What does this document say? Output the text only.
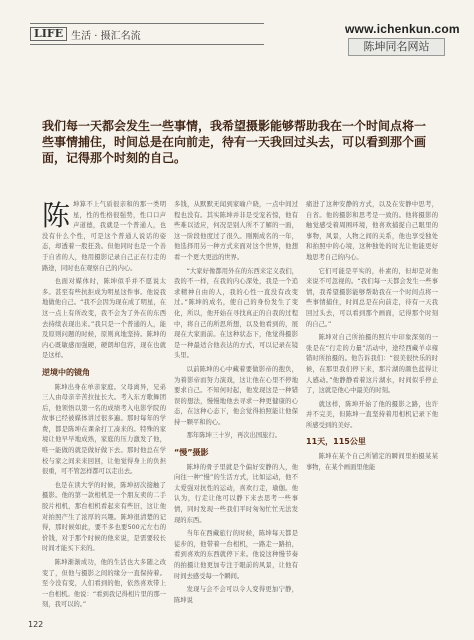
LIFE 生活 · 摄汇名流	www.ichenkun.com
陈坤同名网站
我们每一天都会发生一些事情，我希望摄影能够帮助我在一个时间点将一些事情捕住，时间总是在向前走，待有一天我回过头去，可以看到那个画面，记得那个时刻的自己。

陈坤算不上气质很亲和的那一类明星，性的性格很强势，性口口声声道德，我就是一个普通人，也没有什么个性，可是这个普通人说话的姿态，却透着一股狂劲。但他同时也是一个善于自省的人，他用摄影记录自己正在行走的路途，同时也在观察自己的内心。

也面对媒体时，陈坤似乎并不愿说太多。甚至有些抗拒成为明星这件事。他说我地做他自己。“我不会因为现在成了明星，在这一点上有所改变，我不会为了外在的东西去持续表现出来。”我只是一个普通的人，能及原则问题的时候，原则真地坚持。陈坤的内心既敏感而强硬，硬朗却包容，现在也就是这样。

逆境中的镜角

陈坤出身在单亲家庭。父母离异，兄弟三人由母亲辛苦拉扯长大。考入东方歌舞团后，他领悟以第一名的成绩考入电影学院的故事已经被媒体讲过很多遍。那时每年的学费，都是陈坤在课余打工凑来的。特殊的家境让他早早地成熟，家庭的压力激发了他，唯一能做的就是做好做下去。那时他总在学校与家之间来来回回，让他觉得身上的负担很重，可不管怎样都可以走出去。

也是在读大学的时候，陈坤初次接触了摄影。他的第一款相机是一个朋友卖的二手胶片相机，那台相机看起来有些旧，这让他对拍照产生了浓厚的兴趣。陈坤很清楚的记得，那时候如此，要不多也要500元左右的价钱，对于那个时候的他来说，是需要较长时间才能买下来的。

陈坤渐渐成功，他的生活也大多随之改变了，但他与摄影之间的缘分一直保持着。至今没有变，人们看到的他，依然喜欢带上一台相机。他说：“看到我记得相片里的那一刻，我可以的。”

多钱，从默默无闻到家喻户晓，一点中间过程也没有。其实陈坤并非是受宠若惊，他有些难以适应，何况是别人所不了解的一面，这一阶段他度过了很久。刚刚成名的一年，他选择用另一种方式来面对这个世界，他想看一个更大更远的世界。

“大家好像都用外在的东西来定义我们，我的不一样，在我的内心深处，我是一个追求精神自由的人，我的心性一直没有改变过。”陈坤的成名，使自己的身份发生了变化，所以，他开始在寻找真正的自我的过程中，将自己的所思所想，以及他看到的，展现在大家面前。在这种状态下，他觉得摄影是一种最适合他表达的方式，可以记录在镜头里。

以前陈坤的心中藏着要做影帝的抱负，为着影帝而努力演戏，这让他在心里不停地要求自己。不知何时起，他发现这是一种错误的想法，慢慢地他去寻求一种更健康的心态，在这种心态下，他会觉得拍照能让他保持一颗平和的心。

那年陈坤三十岁，再次出国旅行。

“慢”摄影

陈坤的骨子里就是个偏好安静的人，他向往一种“慢”的生活方式，比如运动，他不太爱强对抗性的运动，喜欢行走，瑜伽。他认为，行走让他可以静下来去思考一些事情，同时发现一些我们平时匆匆忙忙无法发现的东西。

当年在西藏旅行的时候，陈坤每天都是徒步的，他带着一台相机，一路走一路拍，看到喜欢的东西就停下来。他说这种慢节奏的拍摄让他更加专注于眼前的风景，让他有时间去感受每一个瞬间。

发现与会不会可以令人变得更加宁静，陈坤说

痛进了这种安静的方式，以及在安静中思考，自省。他的摄影和思考是一致的。他将摄影的触觉感受着周围环境，他喜欢捕捉自己眼里的事物，风景，人物之间的关系，他也享受独处和拍照中的心境，这种独处的时光让他能更好地思考自己的内心。

它们可能是平实的，朴素的，但却是对他来说不可忽视的。“我们每一天都会发生一些事情，我希望摄影能够帮助我在一个时间点将一些事情捕住，时间总是在向前走，待有一天我回过头去，可以看到那个画面，记得那个时刻的自己。”

陈坤对自己所拍摄的照片中印象深刻的一张是在“行走的力量”活动中，途经西藏羊卓雍错时所拍摄的。他告诉我们：“很美很快乐的时候，在那里我们停下来，那片湖的颜色蓝得让人感动。”他静静看着这片湖水，时间似乎停止了，这就是他心中最美的时刻。

就这样，陈坤开始了他的摄影之路，也许并不完美，但陈坤一直坚持着用相机记录下他所感受到的美好。

11天，115公里

陈坤在某个自己所铺定的瞬间里拍摄某某事物，在某个画面里他能

122
